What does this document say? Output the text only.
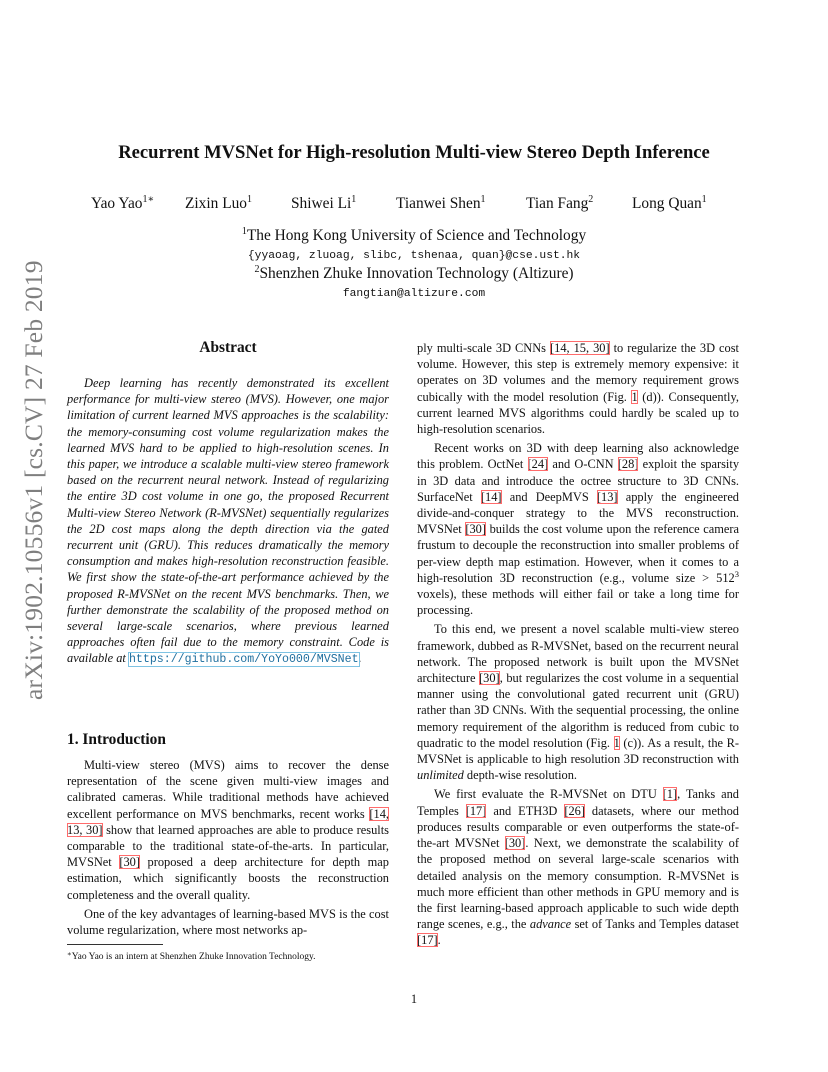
arXiv:1902.10556v1 [cs.CV] 27 Feb 2019
Recurrent MVSNet for High-resolution Multi-view Stereo Depth Inference
Yao Yao$^{1∗}$ Zixin Luo$^1$	Shiwei Li$^1$	Tianwei Shen$^1$	Tian Fang$^2$	Long Quan$^1$
$^1$The Hong Kong University of Science and Technology
{yyaoag, zluoag, slibc, tshenaa, quan}@cse.ust.hk
$^2$Shenzhen Zhuke Innovation Technology (Altizure)
fangtian@altizure.com
Abstract
Deep learning has recently demonstrated its excellent performance for multi-view stereo (MVS). However, one major limitation of current learned MVS approaches is the scalability: the memory-consuming cost volume regularization makes the learned MVS hard to be applied to high-resolution scenes. In this paper, we introduce a scalable multi-view stereo framework based on the recurrent neural network. Instead of regularizing the entire 3D cost volume in one go, the proposed Recurrent Multi-view Stereo Network (R-MVSNet) sequentially regularizes the 2D cost maps along the depth direction via the gated recurrent unit (GRU). This reduces dramatically the memory consumption and makes high-resolution reconstruction feasible. We first show the state-of-the-art performance achieved by the proposed R-MVSNet on the recent MVS benchmarks. Then, we further demonstrate the scalability of the proposed method on several large-scale scenarios, where previous learned approaches often fail due to the memory constraint. Code is available at https://github.com/YoYo000/MVSNet.
1. Introduction

Multi-view stereo (MVS) aims to recover the dense representation of the scene given multi-view images and calibrated cameras. While traditional methods have achieved excellent performance on MVS benchmarks, recent works [14, 13, 30] show that learned approaches are able to produce results comparable to the traditional state-of-the-arts. In particular, MVSNet [30] proposed a deep architecture for depth map estimation, which significantly boosts the reconstruction completeness and the overall quality.

One of the key advantages of learning-based MVS is the cost volume regularization, where most networks ap-

ply multi-scale 3D CNNs [14, 15, 30] to regularize the 3D cost volume. However, this step is extremely memory expensive: it operates on 3D volumes and the memory requirement grows cubically with the model resolution (Fig. 1 (d)). Consequently, current learned MVS algorithms could hardly be scaled up to high-resolution scenarios.

Recent works on 3D with deep learning also acknowledge this problem. OctNet [24] and O-CNN [28] exploit the sparsity in 3D data and introduce the octree structure to 3D CNNs. SurfaceNet [14] and DeepMVS [13] apply the engineered divide-and-conquer strategy to the MVS reconstruction. MVSNet [30] builds the cost volume upon the reference camera frustum to decouple the reconstruction into smaller problems of per-view depth map estimation. However, when it comes to a high-resolution 3D reconstruction (e.g., volume size > $512^3$ voxels), these methods will either fail or take a long time for processing.

To this end, we present a novel scalable multi-view stereo framework, dubbed as R-MVSNet, based on the recurrent neural network. The proposed network is built upon the MVSNet architecture [30], but regularizes the cost volume in a sequential manner using the convolutional gated recurrent unit (GRU) rather than 3D CNNs. With the sequential processing, the online memory requirement of the algorithm is reduced from cubic to quadratic to the model resolution (Fig. 1 (c)). As a result, the R-MVSNet is applicable to high resolution 3D reconstruction with unlimited depth-wise resolution.

We first evaluate the R-MVSNet on DTU [1], Tanks and Temples [17] and ETH3D [26] datasets, where our method produces results comparable or even outperforms the state-of-the-art MVSNet [30]. Next, we demonstrate the scalability of the proposed method on several large-scale scenarios with detailed analysis on the memory consumption. R-MVSNet is much more efficient than other methods in GPU memory and is the first learning-based approach applicable to such wide depth range scenes, e.g., the advance set of Tanks and Temples dataset [17].

∗Yao Yao is an intern at Shenzhen Zhuke Innovation Technology.
1
